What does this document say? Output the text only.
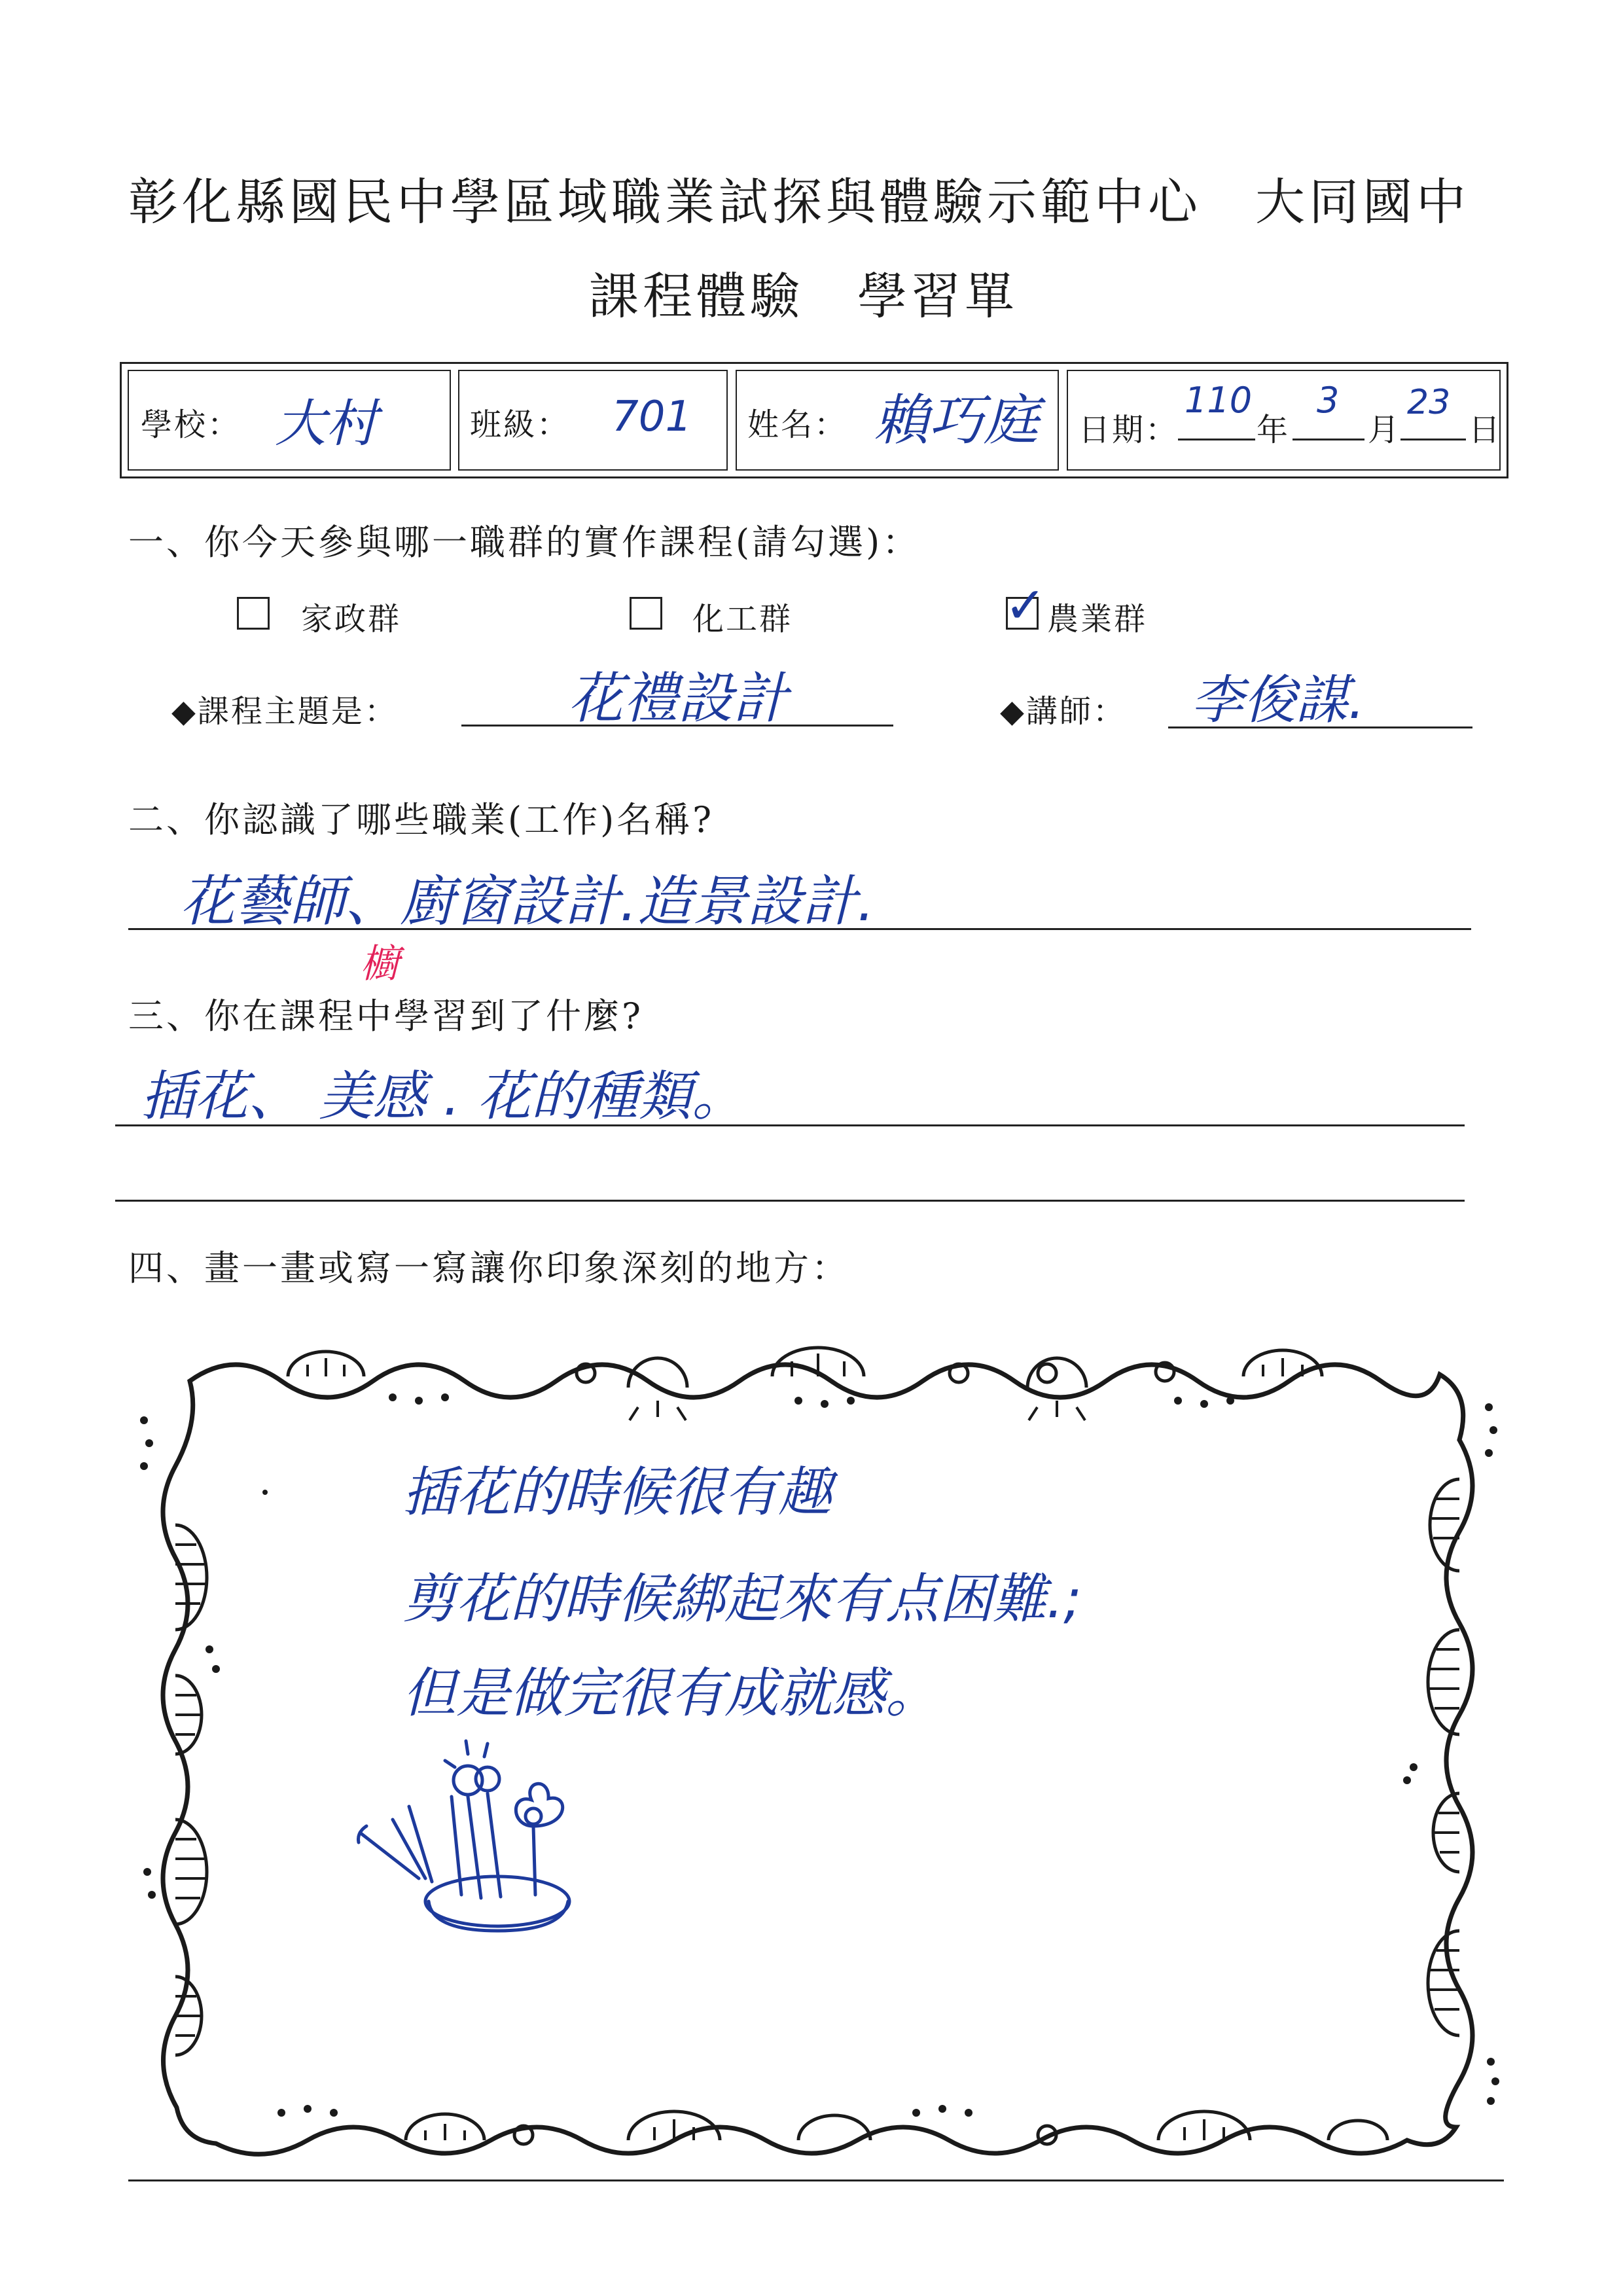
彰化縣國民中學區域職業試探與體驗示範中心　大同國中
課程體驗　學習單
學校： 大村	班級： 701 姓名： 賴巧庭 日期：
110
年
3
月
23
日
一、你今天參與哪一職群的實作課程(請勾選)：
家政群	化工群	✓ 農業群
◆課程主題是：	花禮設計	◆講師： 李俊謀.
二、你認識了哪些職業(工作)名稱?
花藝師、廚窗設計.造景設計.
櫥
三、你在課程中學習到了什麼?
插花、 美感 . 花的種類。
四、畫一畫或寫一寫讓你印象深刻的地方：
插花的時候很有趣
剪花的時候綁起來有点困難.;
但是做完很有成就感。
